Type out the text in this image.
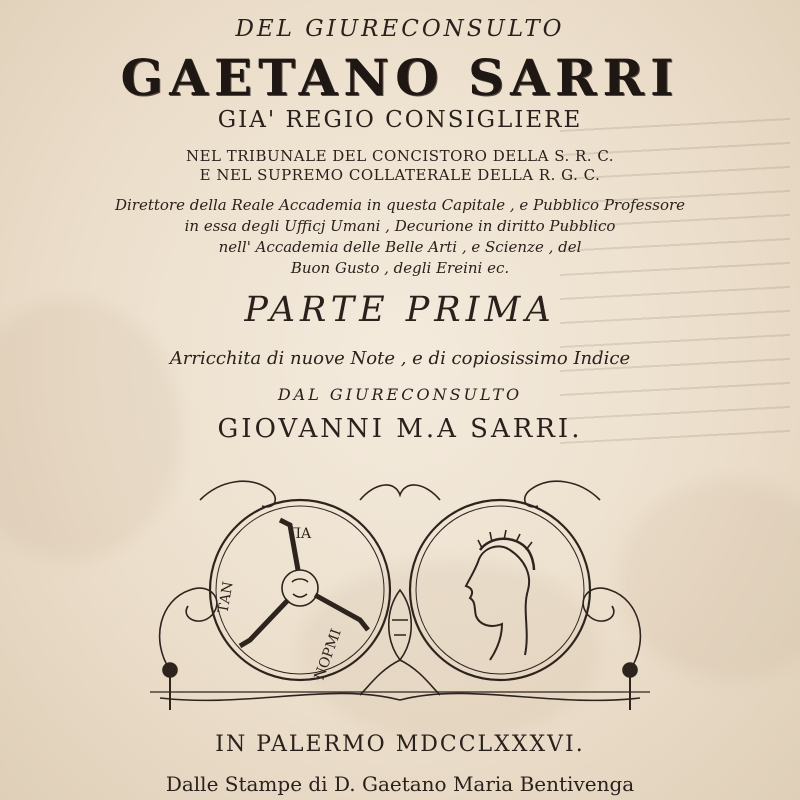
DEL GIURECONSULTO
GAETANO SARRI
GIA' REGIO CONSIGLIERE
NEL TRIBUNALE DEL CONCISTORO DELLA S. R. C.
E NEL SUPREMO COLLATERALE DELLA R. G. C.
Direttore della Reale Accademia in questa Capitale , e Pubblico Professore
in essa degli Ufficj Umani , Decurione in diritto Pubblico
nell' Accademia delle Belle Arti , e Scienze , del
Buon Gusto , degli Ereini ec.
PARTE PRIMA
Arricchita di nuove Note , e di copiosissimo Indice
DAL GIURECONSULTO
GIOVANNI M.A SARRI.
ΠΑ
ΤΑΝ
ΝΟΡΜΙ
IN PALERMO MDCCLXXXVI.
Dalle Stampe di D. Gaetano Maria Bentivenga
